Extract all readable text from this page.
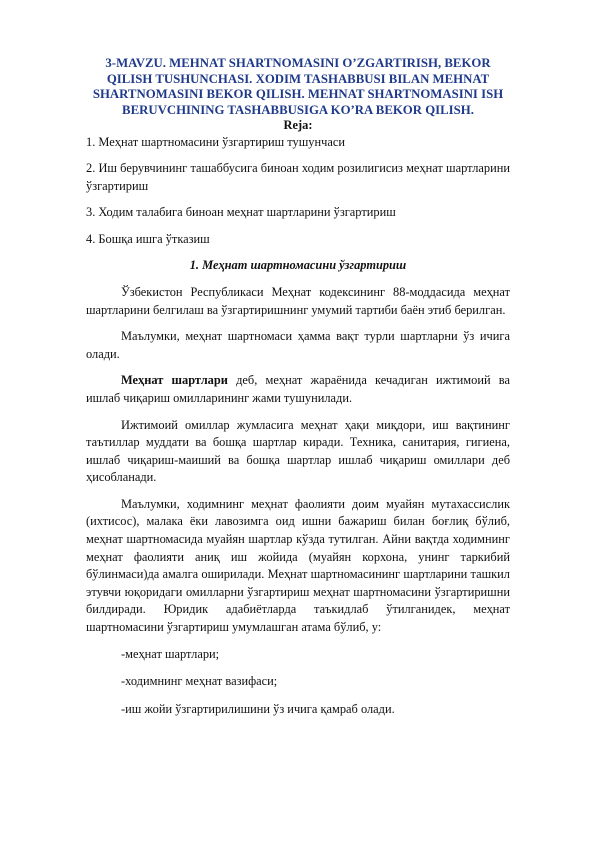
3-MAVZU. MEHNAT SHARTNOMASINI O’ZGARTIRISH, BEKOR QILISH TUSHUNCHASI. XODIM TASHABBUSI BILAN MEHNAT SHARTNOMASINI BEKOR QILISH. MEHNAT SHARTNOMASINI ISH BERUVCHINING TASHABBUSIGA KO’RA BEKOR QILISH.

Reja:

1. Меҳнат шартномасини ўзгартириш тушунчаси

2. Иш берувчининг ташаббусига биноан ходим розилигисиз меҳнат шартларини ўзгартириш

3. Ходим талабига биноан меҳнат шартларини ўзгартириш

4. Бошқа ишга ўтказиш

1. Меҳнат шартномасини ўзгартириш

Ўзбекистон Республикаси Меҳнат кодексининг 88-моддасида меҳнат шартларини белгилаш ва ўзгартиришнинг умумий тартиби баён этиб берилган.

Маълумки, меҳнат шартномаси ҳамма вақт турли шартларни ўз ичига олади.

Меҳнат шартлари деб, меҳнат жараёнида кечадиган ижтимоий ва ишлаб чиқариш омилларининг жами тушунилади.

Ижтимоий омиллар жумласига меҳнат ҳақи миқдори, иш вақтининг таътиллар муддати ва бошқа шартлар киради. Техника, санитария, гигиена, ишлаб чиқариш-маиший ва бошқа шартлар ишлаб чиқариш омиллари деб ҳисобланади.

Маълумки, ходимнинг меҳнат фаолияти доим муайян мутахассислик (ихтисос), малака ёки лавозимга оид ишни бажариш билан боғлиқ бўлиб, меҳнат шартномасида муайян шартлар кўзда тутилган. Айни вақтда ходимнинг меҳнат фаолияти аниқ иш жойида (муайян корхона, унинг таркибий бўлинмаси)да амалга оширилади. Меҳнат шартномасининг шартларини ташкил этувчи юқоридаги омилларни ўзгартириш меҳнат шартномасини ўзгартиришни билдиради. Юридик адабиётларда таъкидлаб ўтилганидек, меҳнат шартномасини ўзгартириш умумлашган атама бўлиб, у:

-меҳнат шартлари;

-ходимнинг меҳнат вазифаси;

-иш жойи ўзгартирилишини ўз ичига қамраб олади.
